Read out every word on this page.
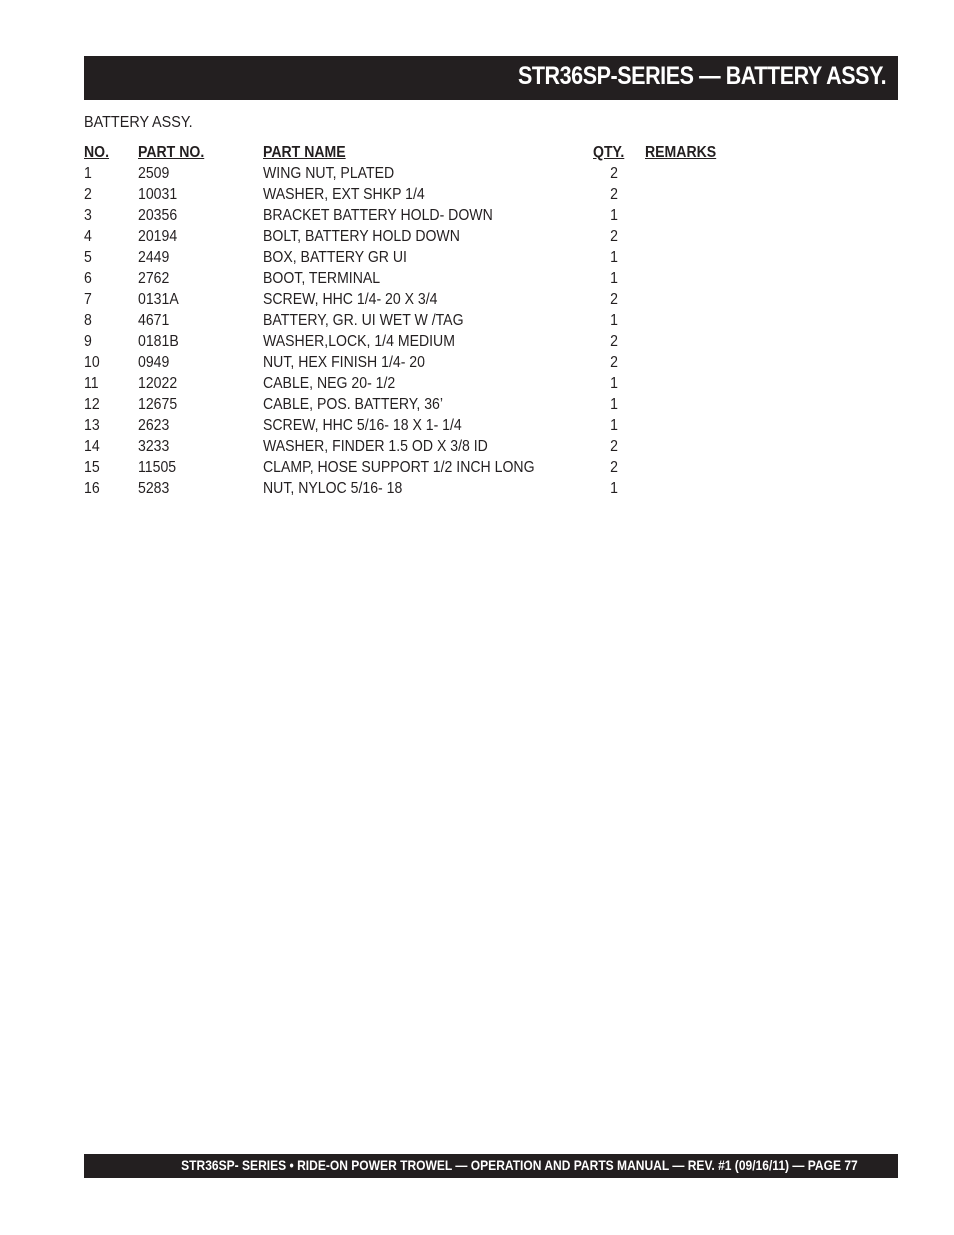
STR36SP-SERIES — BATTERY ASSY.
BATTERY ASSY.
NO. PART NO.	PART NAME	QTY. REMARKS
1	2509	WING NUT, PLATED	2
2	10031	WASHER, EXT SHKP 1/4	2
3	20356	BRACKET BATTERY HOLD- DOWN	1
4	20194	BOLT, BATTERY HOLD DOWN	2
5	2449	BOX, BATTERY GR UI	1
6	2762	BOOT, TERMINAL	1
7	0131A	SCREW, HHC 1/4- 20 X 3/4	2
8	4671	BATTERY, GR. UI WET W /TAG	1
9	0181B	WASHER,LOCK, 1/4 MEDIUM	2
10 0949	NUT, HEX FINISH 1/4- 20	2
11 12022	CABLE, NEG 20- 1/2	1
12 12675	CABLE, POS. BATTERY, 36’	1
13 2623	SCREW, HHC 5/16- 18 X 1- 1/4	1
14 3233	WASHER, FINDER 1.5 OD X 3/8 ID	2
15 11505	CLAMP, HOSE SUPPORT 1/2 INCH LONG	2
16 5283	NUT, NYLOC 5/16- 18	1
STR36SP- SERIES • RIDE-ON POWER TROWEL — OPERATION AND PARTS MANUAL — REV. #1 (09/16/11) — PAGE 77
